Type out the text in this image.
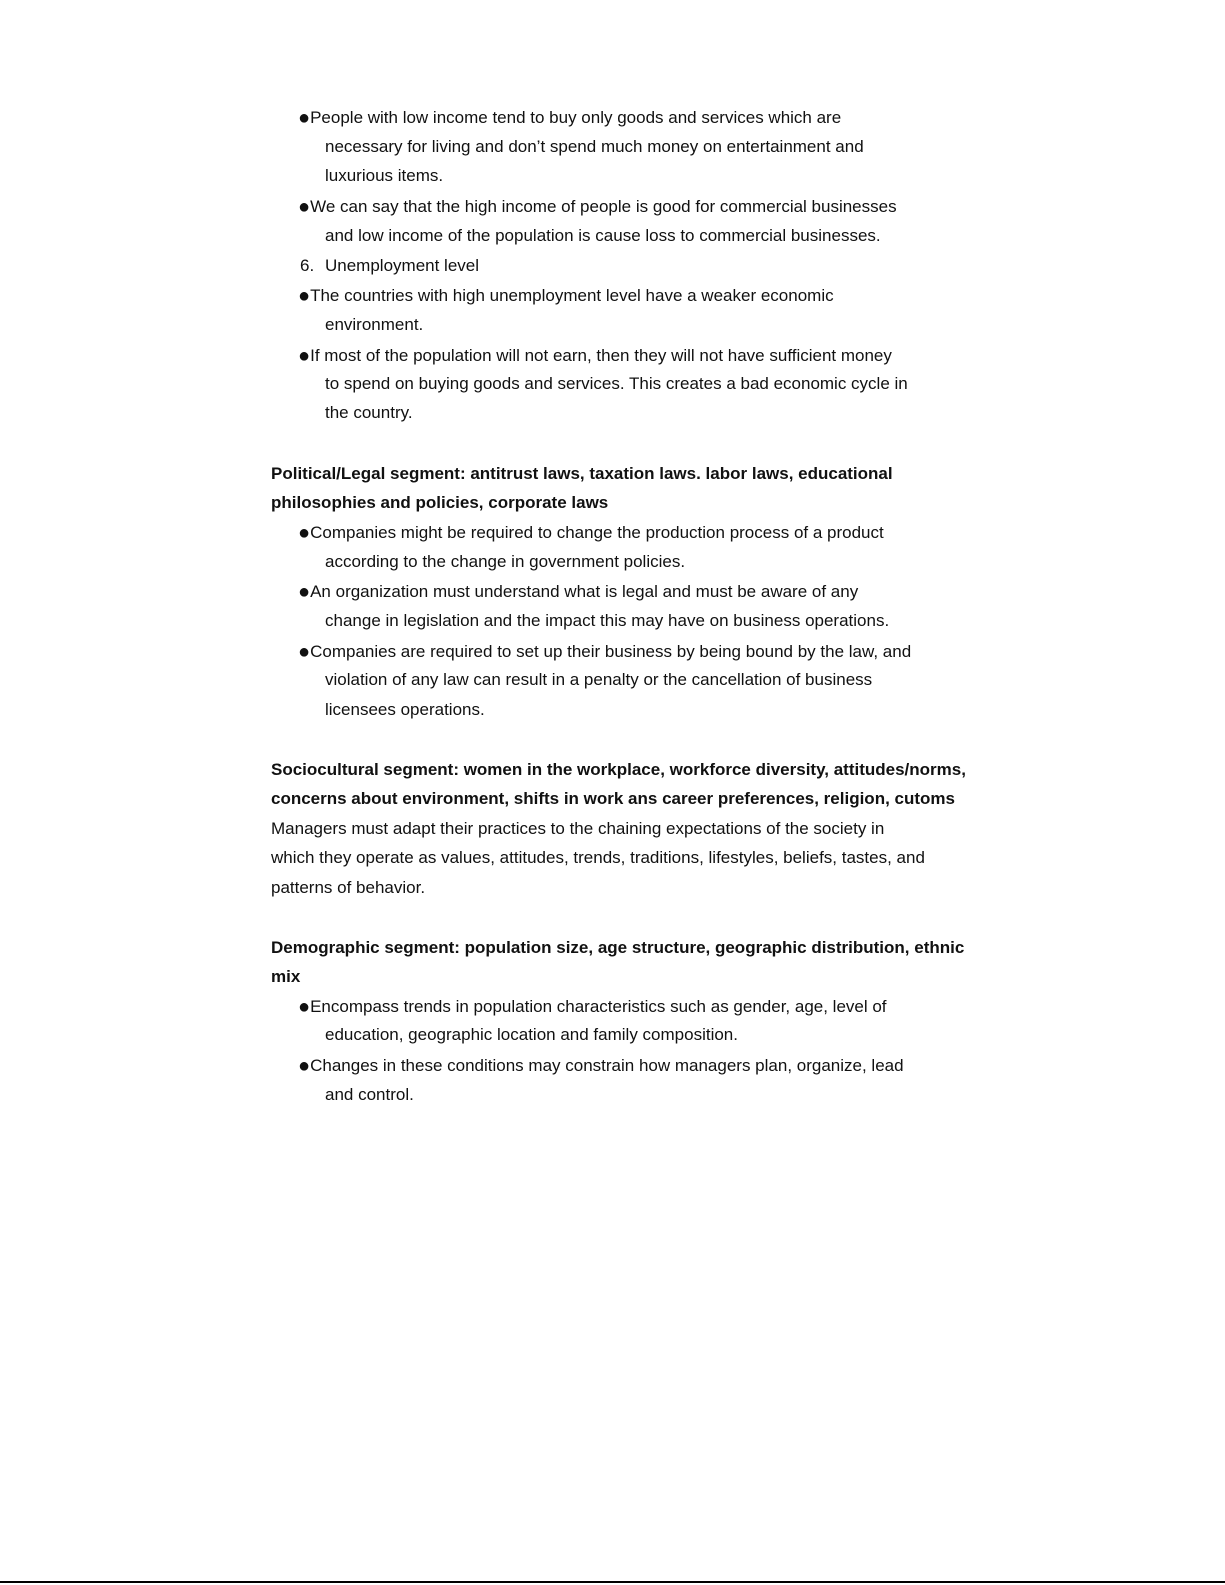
●People with low income tend to buy only goods and services which are
necessary for living and don’t spend much money on entertainment and
luxurious items.
●We can say that the high income of people is good for commercial businesses
and low income of the population is cause loss to commercial businesses.
6. Unemployment level
●The countries with high unemployment level have a weaker economic
environment.
●If most of the population will not earn, then they will not have sufficient money
to spend on buying goods and services. This creates a bad economic cycle in
the country.
Political/Legal segment: antitrust laws, taxation laws. labor laws, educational
philosophies and policies, corporate laws
●Companies might be required to change the production process of a product
according to the change in government policies.
●An organization must understand what is legal and must be aware of any
change in legislation and the impact this may have on business operations.
●Companies are required to set up their business by being bound by the law, and
violation of any law can result in a penalty or the cancellation of business
licensees operations.
Sociocultural segment: women in the workplace, workforce diversity, attitudes/norms,
concerns about environment, shifts in work ans career preferences, religion, cutoms
Managers must adapt their practices to the chaining expectations of the society in
which they operate as values, attitudes, trends, traditions, lifestyles, beliefs, tastes, and
patterns of behavior.
Demographic segment: population size, age structure, geographic distribution, ethnic
mix
●Encompass trends in population characteristics such as gender, age, level of
education, geographic location and family composition.
●Changes in these conditions may constrain how managers plan, organize, lead
and control.
